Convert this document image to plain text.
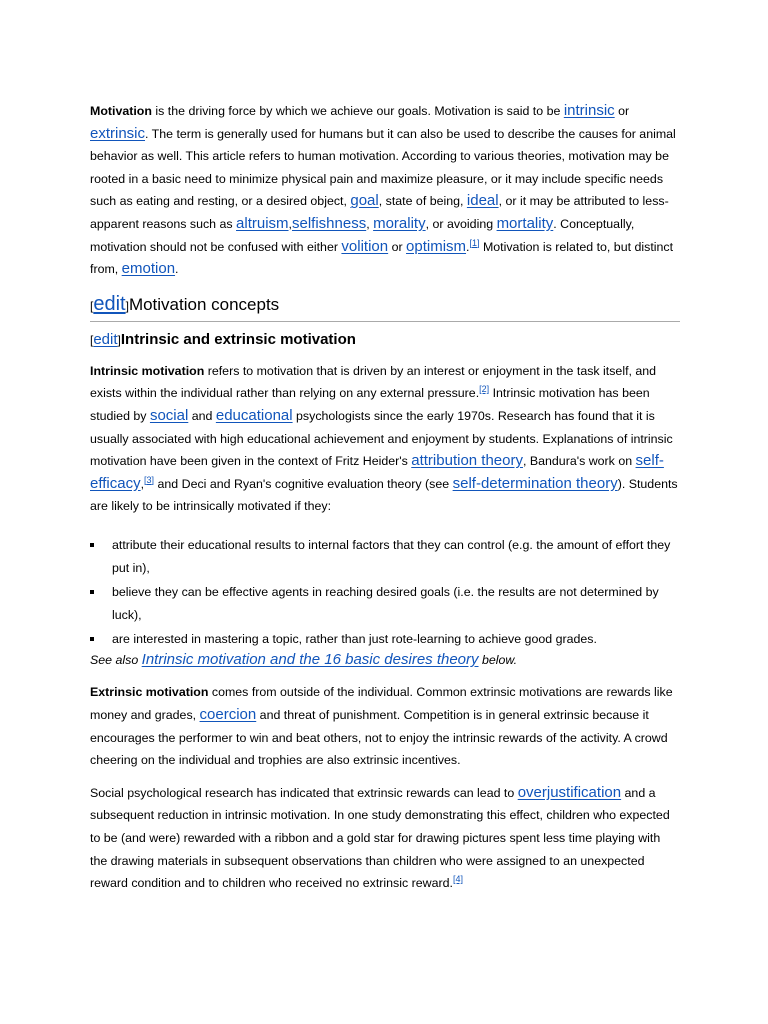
Motivation is the driving force by which we achieve our goals. Motivation is said to be intrinsic or extrinsic. The term is generally used for humans but it can also be used to describe the causes for animal behavior as well. This article refers to human motivation. According to various theories, motivation may be rooted in a basic need to minimize physical pain and maximize pleasure, or it may include specific needs such as eating and resting, or a desired object, goal, state of being, ideal, or it may be attributed to less-apparent reasons such as altruism,selfishness, morality, or avoiding mortality. Conceptually, motivation should not be confused with either volition or optimism.[1] Motivation is related to, but distinct from, emotion.

[edit]Motivation concepts
[edit]Intrinsic and extrinsic motivation

Intrinsic motivation refers to motivation that is driven by an interest or enjoyment in the task itself, and exists within the individual rather than relying on any external pressure.[2] Intrinsic motivation has been studied by social and educational psychologists since the early 1970s. Research has found that it is usually associated with high educational achievement and enjoyment by students. Explanations of intrinsic motivation have been given in the context of Fritz Heider's attribution theory, Bandura's work on self-efficacy,[3] and Deci and Ryan's cognitive evaluation theory (see self-determination theory). Students are likely to be intrinsically motivated if they:

attribute their educational results to internal factors that they can control (e.g. the amount of effort they put in),
believe they can be effective agents in reaching desired goals (i.e. the results are not determined by luck),
are interested in mastering a topic, rather than just rote-learning to achieve good grades.

See also Intrinsic motivation and the 16 basic desires theory below.

Extrinsic motivation comes from outside of the individual. Common extrinsic motivations are rewards like money and grades, coercion and threat of punishment. Competition is in general extrinsic because it encourages the performer to win and beat others, not to enjoy the intrinsic rewards of the activity. A crowd cheering on the individual and trophies are also extrinsic incentives.

Social psychological research has indicated that extrinsic rewards can lead to overjustification and a subsequent reduction in intrinsic motivation. In one study demonstrating this effect, children who expected to be (and were) rewarded with a ribbon and a gold star for drawing pictures spent less time playing with the drawing materials in subsequent observations than children who were assigned to an unexpected reward condition and to children who received no extrinsic reward.[4]
